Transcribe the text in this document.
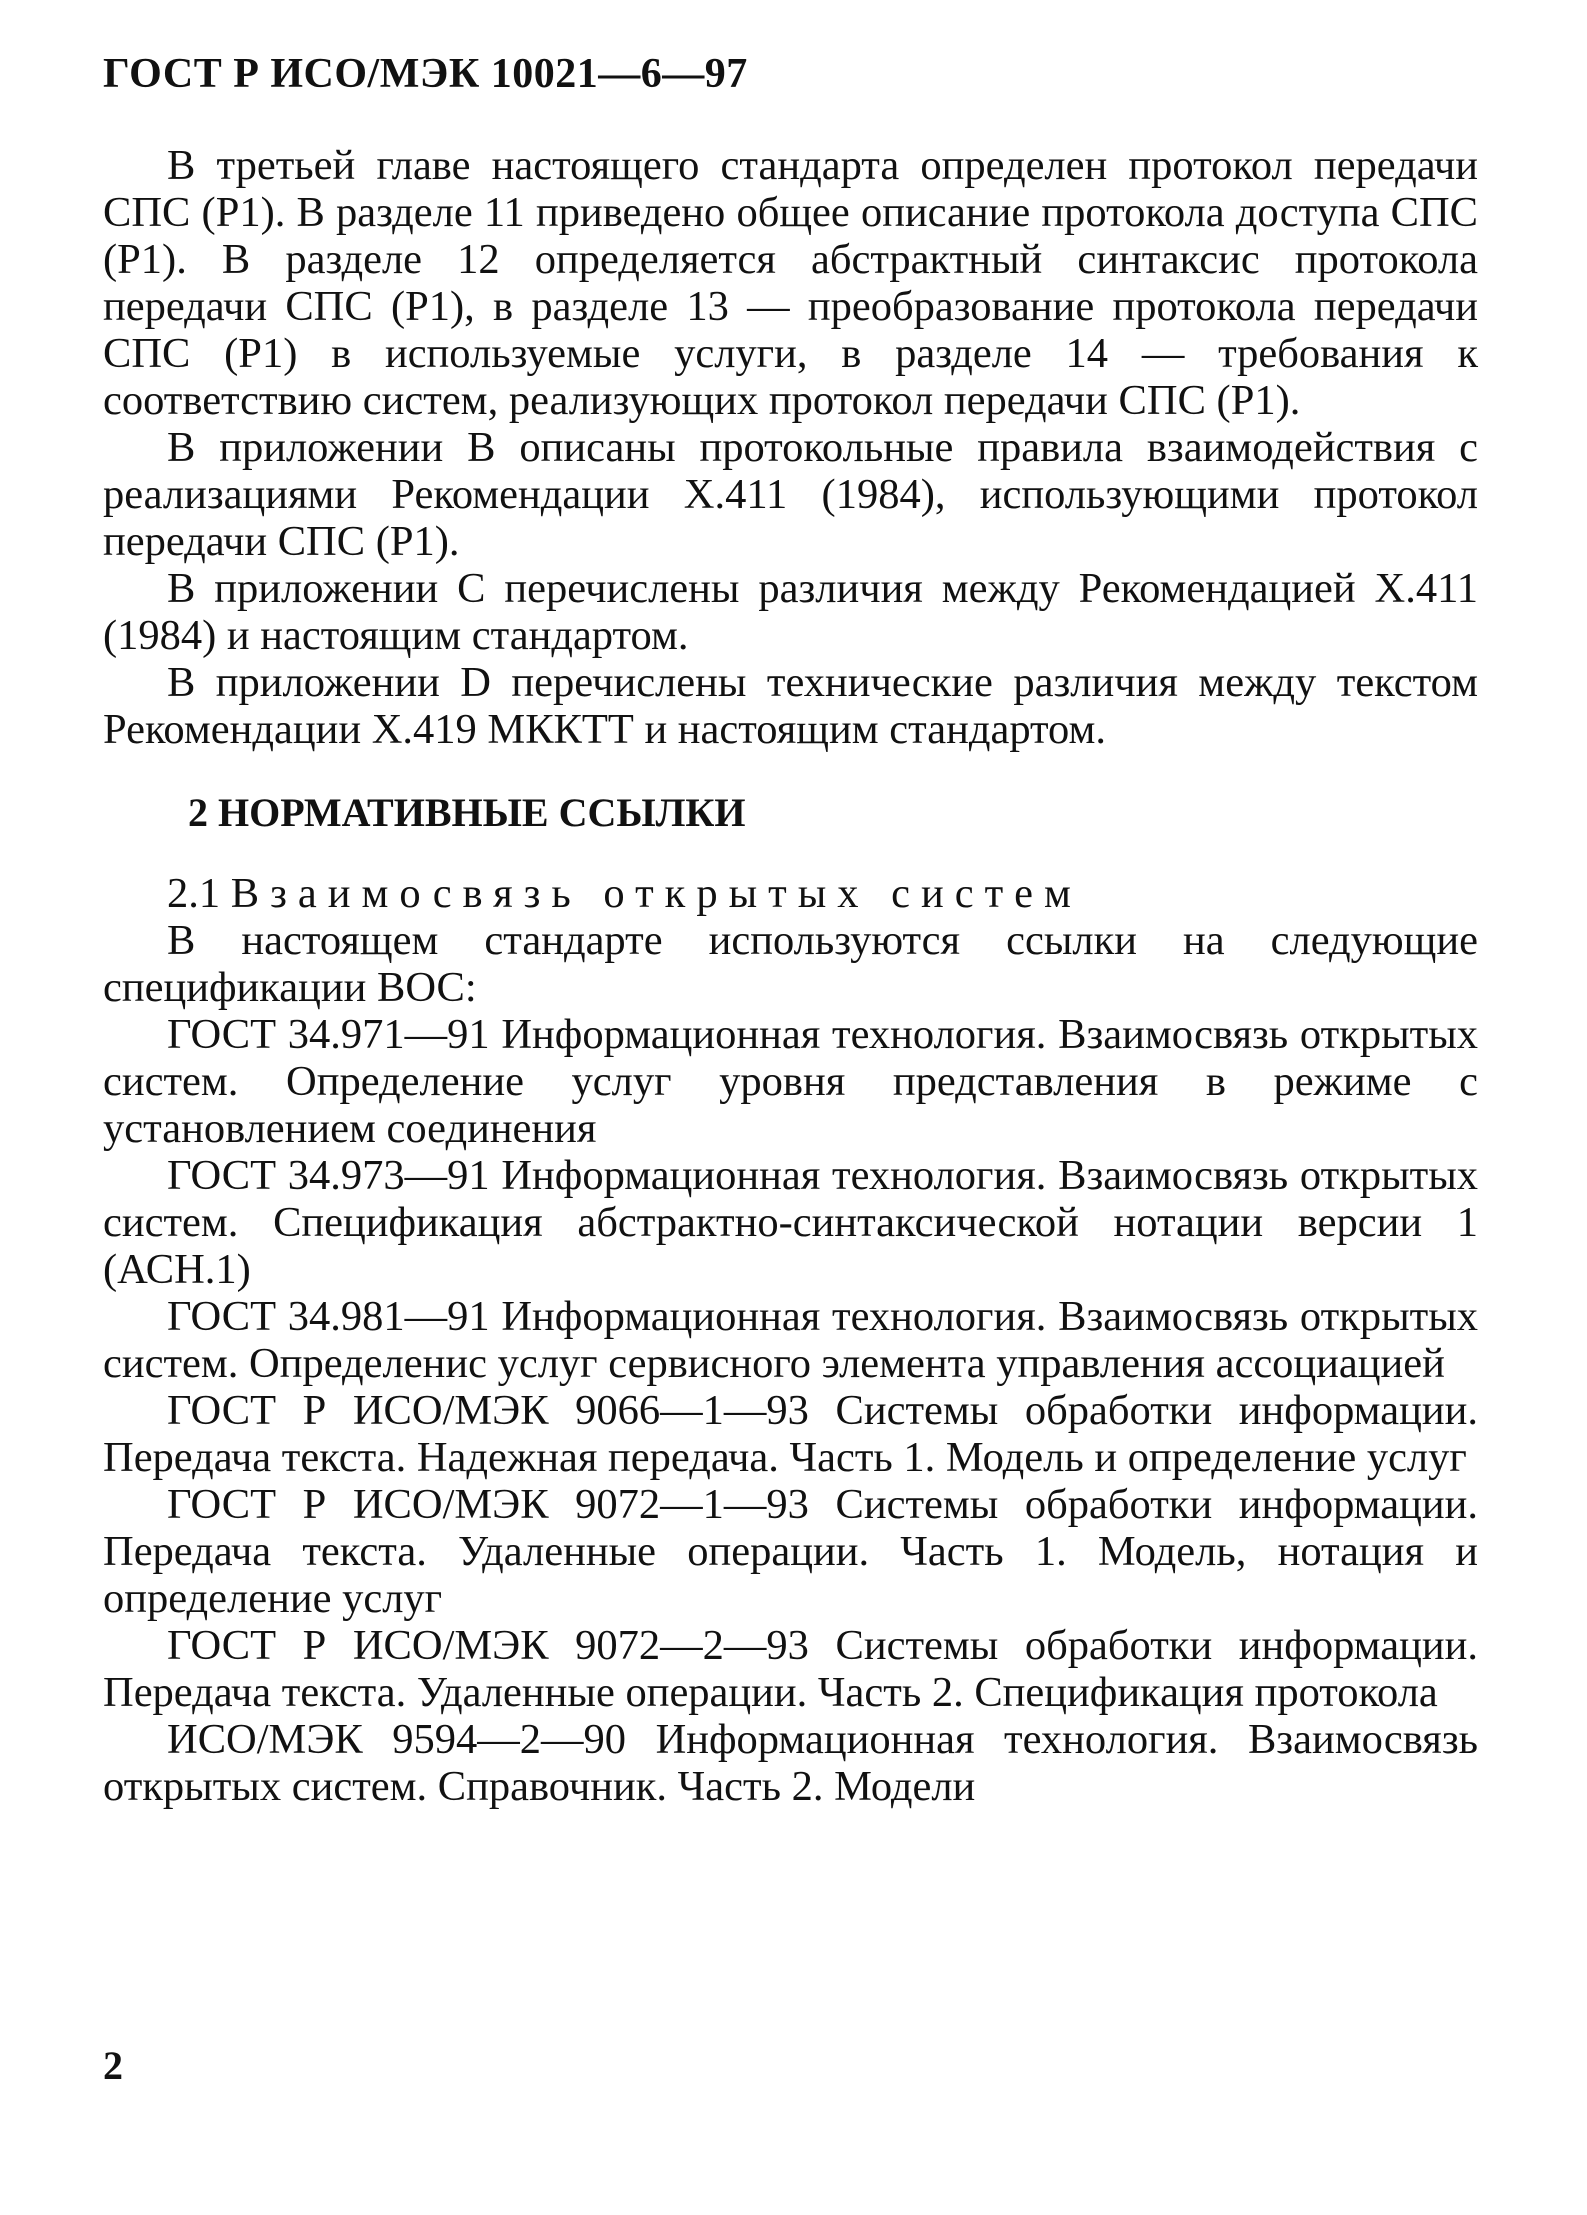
ГОСТ Р ИСО/МЭК 10021—6—97

В третьей главе настоящего стандарта определен протокол передачи СПС (Р1). В разделе 11 приведено общее описание протокола доступа СПС (Р1). В разделе 12 определяется абстрактный синтаксис протокола передачи СПС (Р1), в разделе 13 — преобразование протокола передачи СПС (Р1) в используемые услуги, в разделе 14 — требования к соответствию систем, реализующих протокол передачи СПС (Р1).

В приложении В описаны протокольные правила взаимодействия с реализациями Рекомендации X.411 (1984), использующими протокол передачи СПС (Р1).

В приложении С перечислены различия между Рекомендацией X.411 (1984) и настоящим стандартом.

В приложении D перечислены технические различия между текстом Рекомендации X.419 МККТТ и настоящим стандартом.

2 НОРМАТИВНЫЕ ССЫЛКИ

2.1 Взаимосвязь открытых систем

В настоящем стандарте используются ссылки на следующие спецификации ВОС:

ГОСТ 34.971—91 Информационная технология. Взаимосвязь открытых систем. Определение услуг уровня представления в режиме с установлением соединения

ГОСТ 34.973—91 Информационная технология. Взаимосвязь открытых систем. Спецификация абстрактно-синтаксической нотации версии 1 (АСН.1)

ГОСТ 34.981—91 Информационная технология. Взаимосвязь открытых систем. Определенис услуг сервисного элемента управления ассоциацией

ГОСТ Р ИСО/МЭК 9066—1—93 Системы обработки информации. Передача текста. Надежная передача. Часть 1. Модель и определение услуг

ГОСТ Р ИСО/МЭК 9072—1—93 Системы обработки информации. Передача текста. Удаленные операции. Часть 1. Модель, нотация и определение услуг

ГОСТ Р ИСО/МЭК 9072—2—93 Системы обработки информации. Передача текста. Удаленные операции. Часть 2. Спецификация протокола

ИСО/МЭК 9594—2—90 Информационная технология. Взаимосвязь открытых систем. Справочник. Часть 2. Модели

2
